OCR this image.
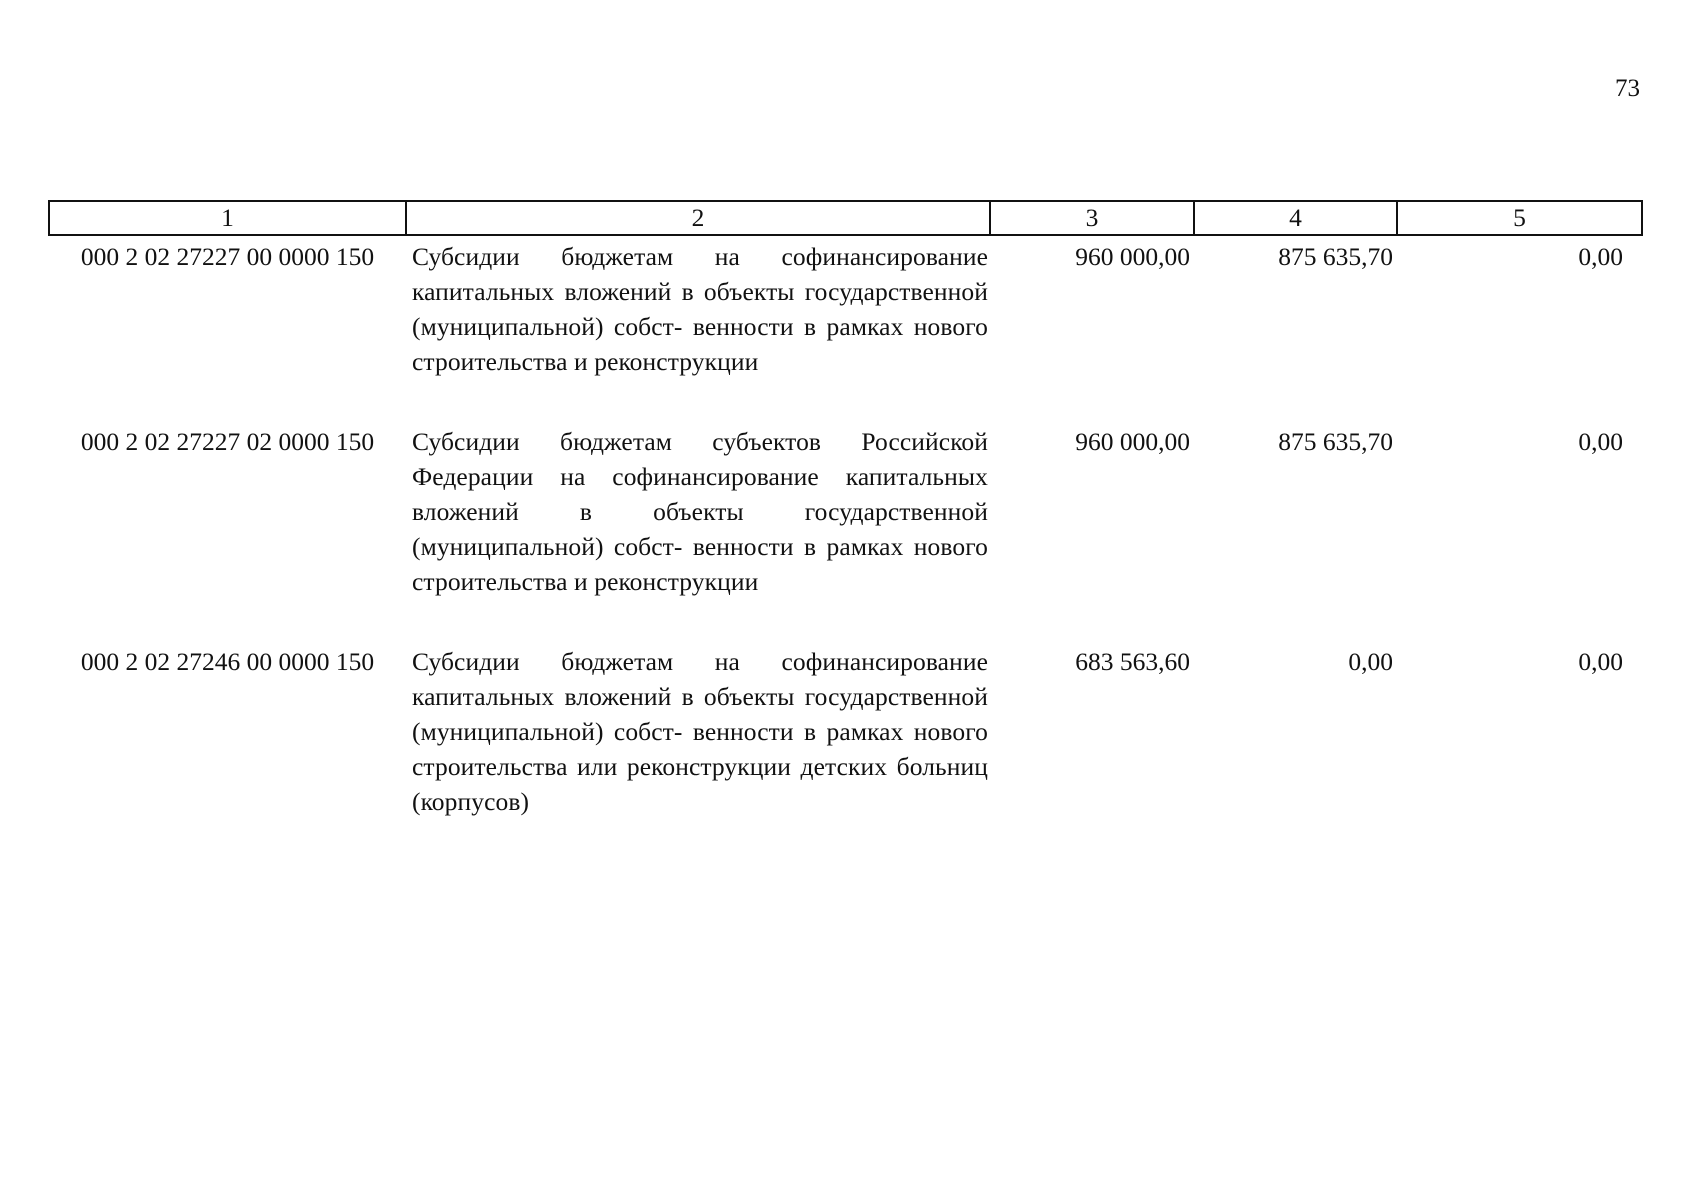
73
1	2	3	4	5
000 2 02 27227 00 0000 150	Субсидии бюджетам на софинансирование капитальных вложений в объекты государственной (муниципальной) собст- венности в рамках нового строительства и реконструкции	960 000,00	875 635,70	0,00
000 2 02 27227 02 0000 150	Субсидии бюджетам субъектов Российской Федерации на софинансирование капитальных вложений в объекты государственной (муниципальной) собст- венности в рамках нового строительства и реконструкции	960 000,00	875 635,70	0,00
000 2 02 27246 00 0000 150	Субсидии бюджетам на софинансирование капитальных вложений в объекты государственной (муниципальной) собст- венности в рамках нового строительства или реконструкции детских больниц (корпусов)	683 563,60	0,00	0,00
